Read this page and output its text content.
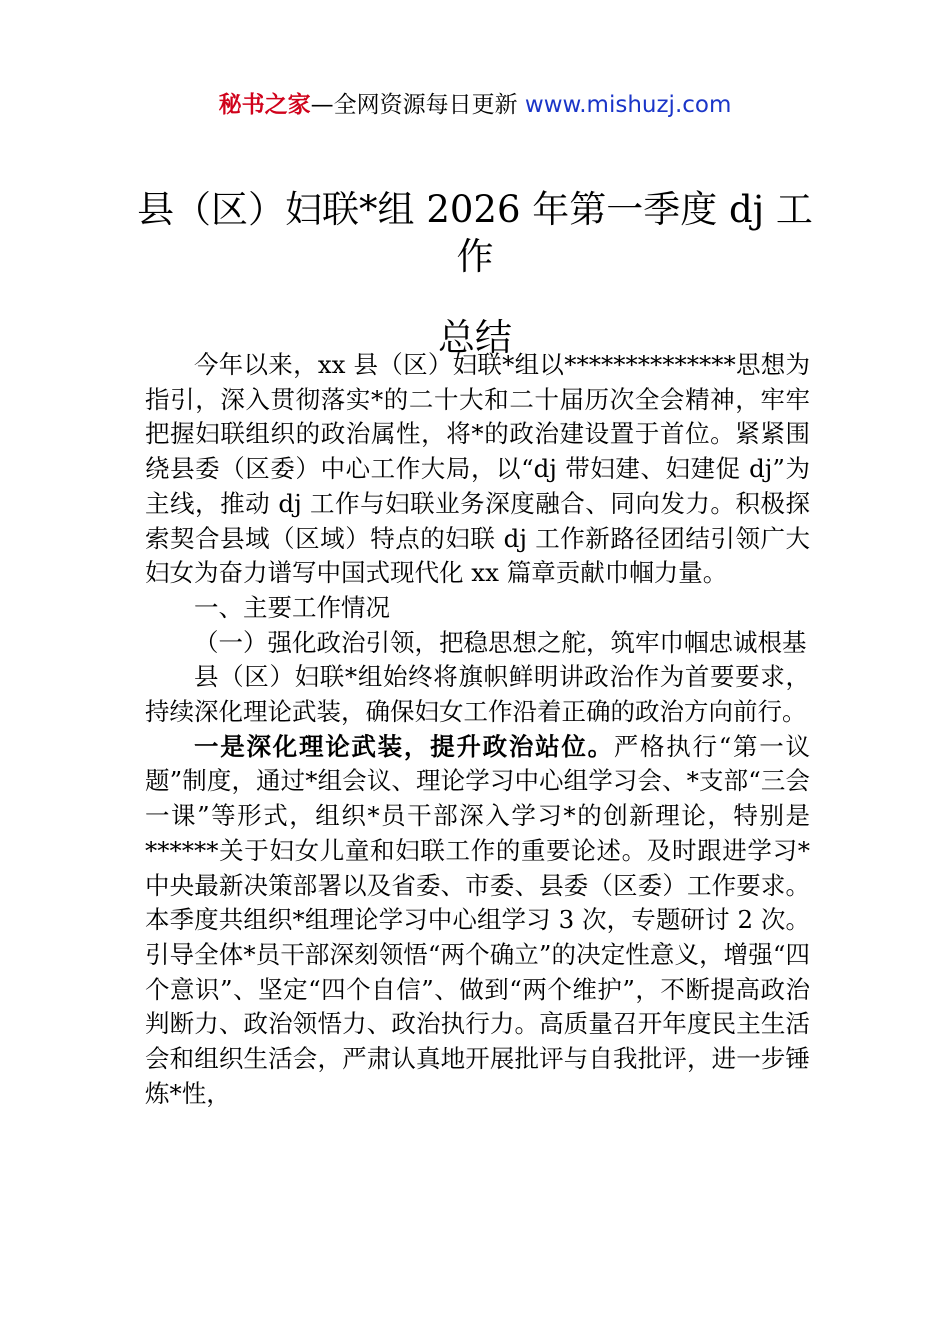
秘书之家—全网资源每日更新 www.mishuzj.com
县（区）妇联*组 2026 年第一季度 dj 工作
总结

今年以来，xx 县（区）妇联*组以**************思想为指引，深入贯彻落实*的二十大和二十届历次全会精神，牢牢把握妇联组织的政治属性，将*的政治建设置于首位。紧紧围绕县委（区委）中心工作大局，以“dj 带妇建、妇建促 dj”为主线，推动 dj 工作与妇联业务深度融合、同向发力。积极探索契合县域（区域）特点的妇联 dj 工作新路径团结引领广大妇女为奋力谱写中国式现代化 xx 篇章贡献巾帼力量。

一、主要工作情况

（一）强化政治引领，把稳思想之舵，筑牢巾帼忠诚根基

县（区）妇联*组始终将旗帜鲜明讲政治作为首要要求，持续深化理论武装，确保妇女工作沿着正确的政治方向前行。

一是深化理论武装，提升政治站位。严格执行“第一议题”制度，通过*组会议、理论学习中心组学习会、*支部“三会一课”等形式，组织*员干部深入学习*的创新理论，特别是******关于妇女儿童和妇联工作的重要论述。及时跟进学习*中央最新决策部署以及省委、市委、县委（区委）工作要求。本季度共组织*组理论学习中心组学习 3 次，专题研讨 2 次。引导全体*员干部深刻领悟“两个确立”的决定性意义，增强“四个意识”、坚定“四个自信”、做到“两个维护”，不断提高政治判断力、政治领悟力、政治执行力。高质量召开年度民主生活会和组织生活会，严肃认真地开展批评与自我批评，进一步锤炼*性，
